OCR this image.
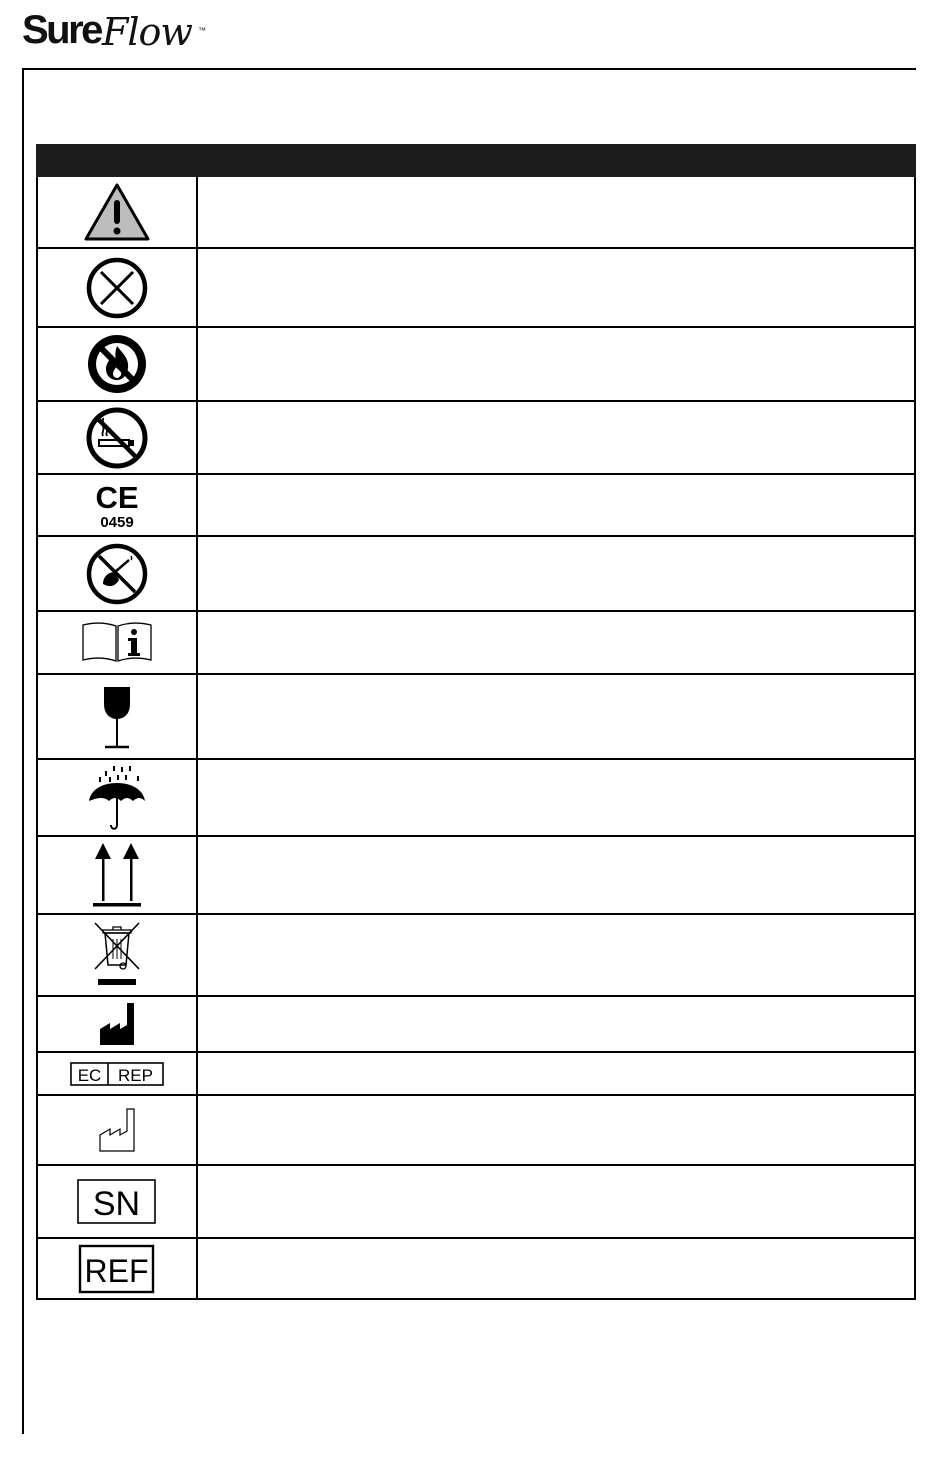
Sure Flow ™
CE
0459
EC REP
SN
REF
